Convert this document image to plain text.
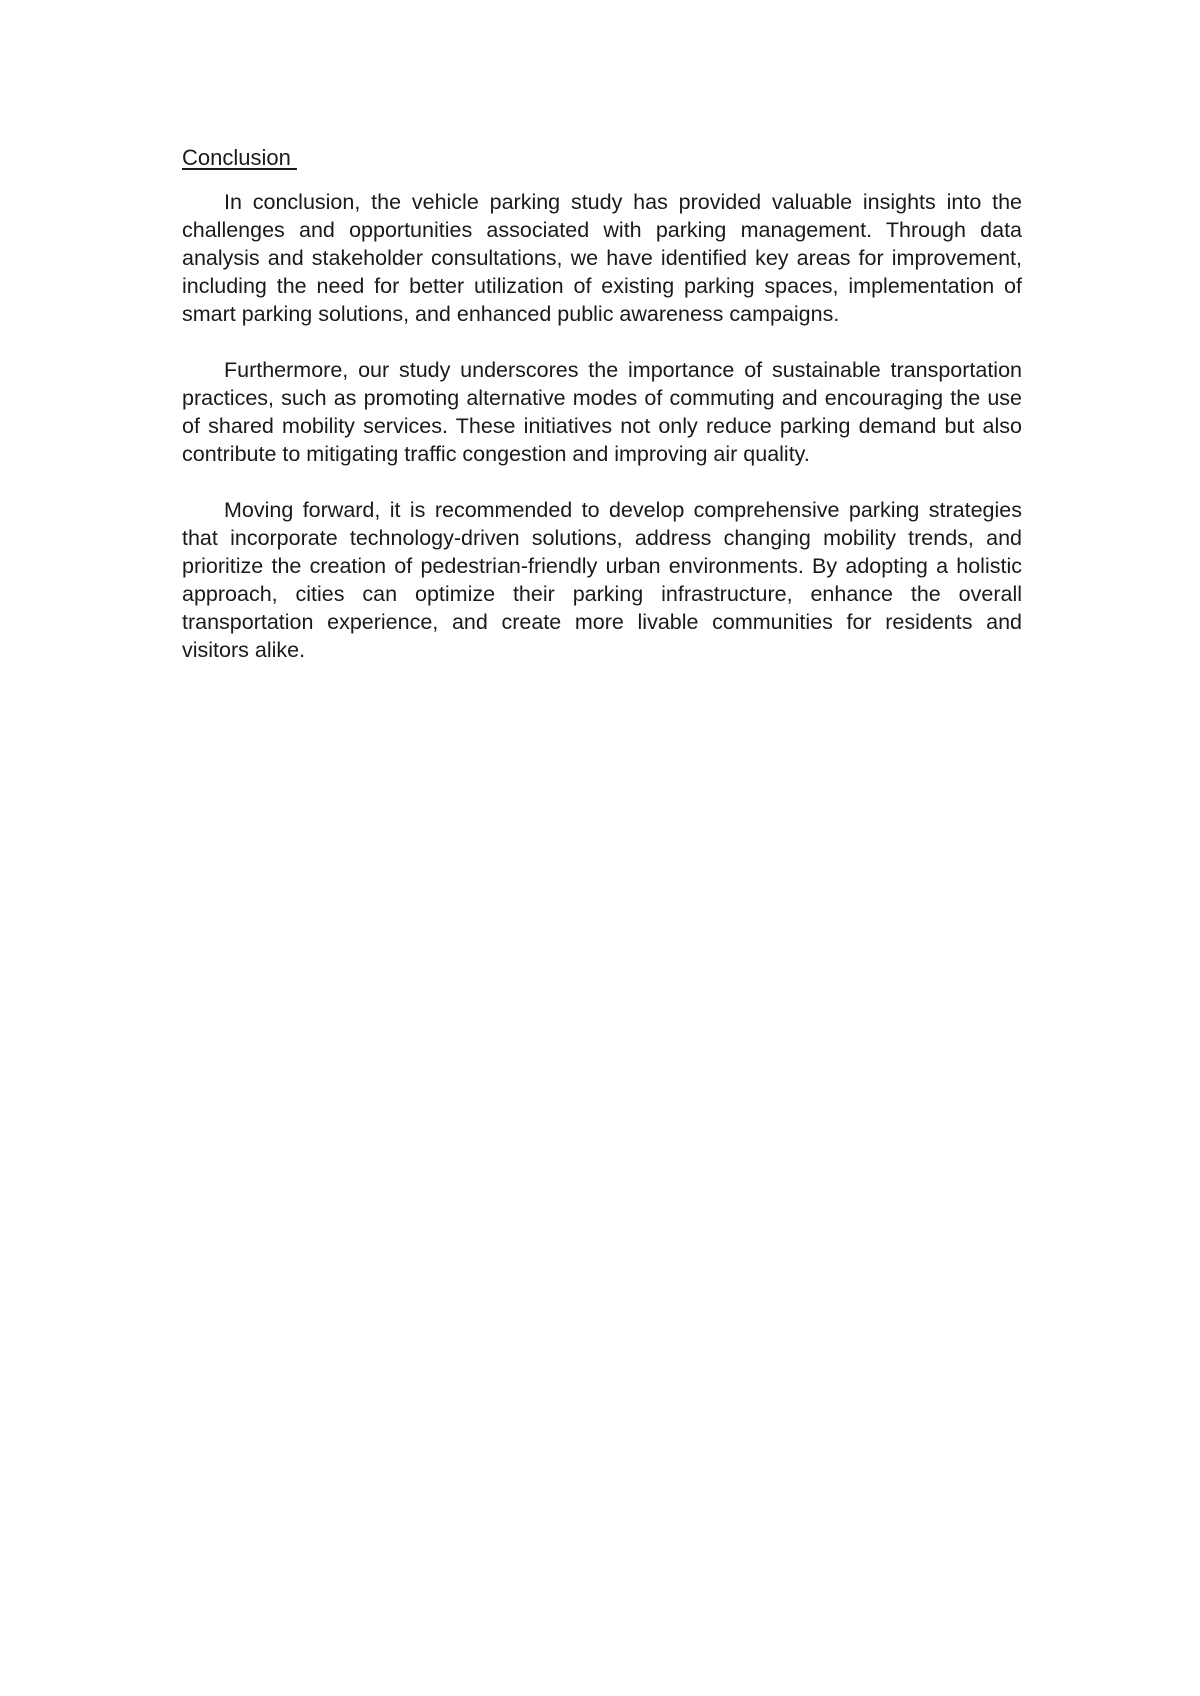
Conclusion

In conclusion, the vehicle parking study has provided valuable insights into the challenges and opportunities associated with parking management. Through data analysis and stakeholder consultations, we have identified key areas for improvement, including the need for better utilization of existing parking spaces, implementation of smart parking solutions, and enhanced public awareness campaigns.

Furthermore, our study underscores the importance of sustainable transportation practices, such as promoting alternative modes of commuting and encouraging the use of shared mobility services. These initiatives not only reduce parking demand but also contribute to mitigating traffic congestion and improving air quality.

Moving forward, it is recommended to develop comprehensive parking strategies that incorporate technology-driven solutions, address changing mobility trends, and prioritize the creation of pedestrian-friendly urban environments. By adopting a holistic approach, cities can optimize their parking infrastructure, enhance the overall transportation experience, and create more livable communities for residents and visitors alike.
